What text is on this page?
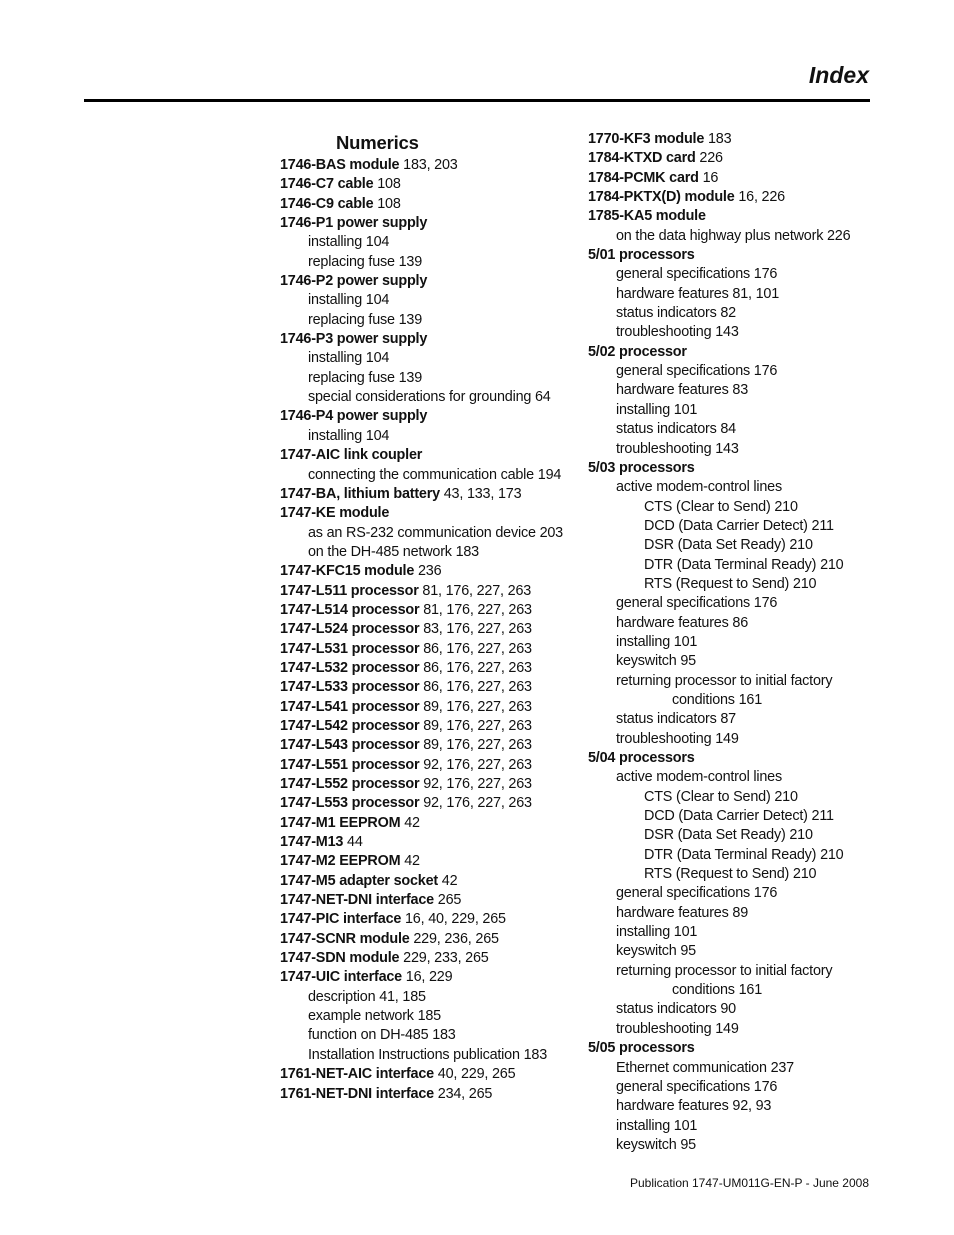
Index
Numerics
1746-BAS module 183, 203
1746-C7 cable 108
1746-C9 cable 108
1746-P1 power supply
installing 104
replacing fuse 139
1746-P2 power supply
installing 104
replacing fuse 139
1746-P3 power supply
installing 104
replacing fuse 139
special considerations for grounding 64
1746-P4 power supply
installing 104
1747-AIC link coupler
connecting the communication cable 194
1747-BA, lithium battery 43, 133, 173
1747-KE module
as an RS-232 communication device 203
on the DH-485 network 183
1747-KFC15 module 236
1747-L511 processor 81, 176, 227, 263
1747-L514 processor 81, 176, 227, 263
1747-L524 processor 83, 176, 227, 263
1747-L531 processor 86, 176, 227, 263
1747-L532 processor 86, 176, 227, 263
1747-L533 processor 86, 176, 227, 263
1747-L541 processor 89, 176, 227, 263
1747-L542 processor 89, 176, 227, 263
1747-L543 processor 89, 176, 227, 263
1747-L551 processor 92, 176, 227, 263
1747-L552 processor 92, 176, 227, 263
1747-L553 processor 92, 176, 227, 263
1747-M1 EEPROM 42
1747-M13 44
1747-M2 EEPROM 42
1747-M5 adapter socket 42
1747-NET-DNI interface 265
1747-PIC interface 16, 40, 229, 265
1747-SCNR module 229, 236, 265
1747-SDN module 229, 233, 265
1747-UIC interface 16, 229
description 41, 185
example network 185
function on DH-485 183
Installation Instructions publication 183
1761-NET-AIC interface 40, 229, 265
1761-NET-DNI interface 234, 265
1770-KF3 module 183
1784-KTXD card 226
1784-PCMK card 16
1784-PKTX(D) module 16, 226
1785-KA5 module
on the data highway plus network 226
5/01 processors
general specifications 176
hardware features 81, 101
status indicators 82
troubleshooting 143
5/02 processor
general specifications 176
hardware features 83
installing 101
status indicators 84
troubleshooting 143
5/03 processors
active modem-control lines
CTS (Clear to Send) 210
DCD (Data Carrier Detect) 211
DSR (Data Set Ready) 210
DTR (Data Terminal Ready) 210
RTS (Request to Send) 210
general specifications 176
hardware features 86
installing 101
keyswitch 95
returning processor to initial factory
conditions 161
status indicators 87
troubleshooting 149
5/04 processors
active modem-control lines
CTS (Clear to Send) 210
DCD (Data Carrier Detect) 211
DSR (Data Set Ready) 210
DTR (Data Terminal Ready) 210
RTS (Request to Send) 210
general specifications 176
hardware features 89
installing 101
keyswitch 95
returning processor to initial factory
conditions 161
status indicators 90
troubleshooting 149
5/05 processors
Ethernet communication 237
general specifications 176
hardware features 92, 93
installing 101
keyswitch 95
Publication 1747-UM011G-EN-P - June 2008
